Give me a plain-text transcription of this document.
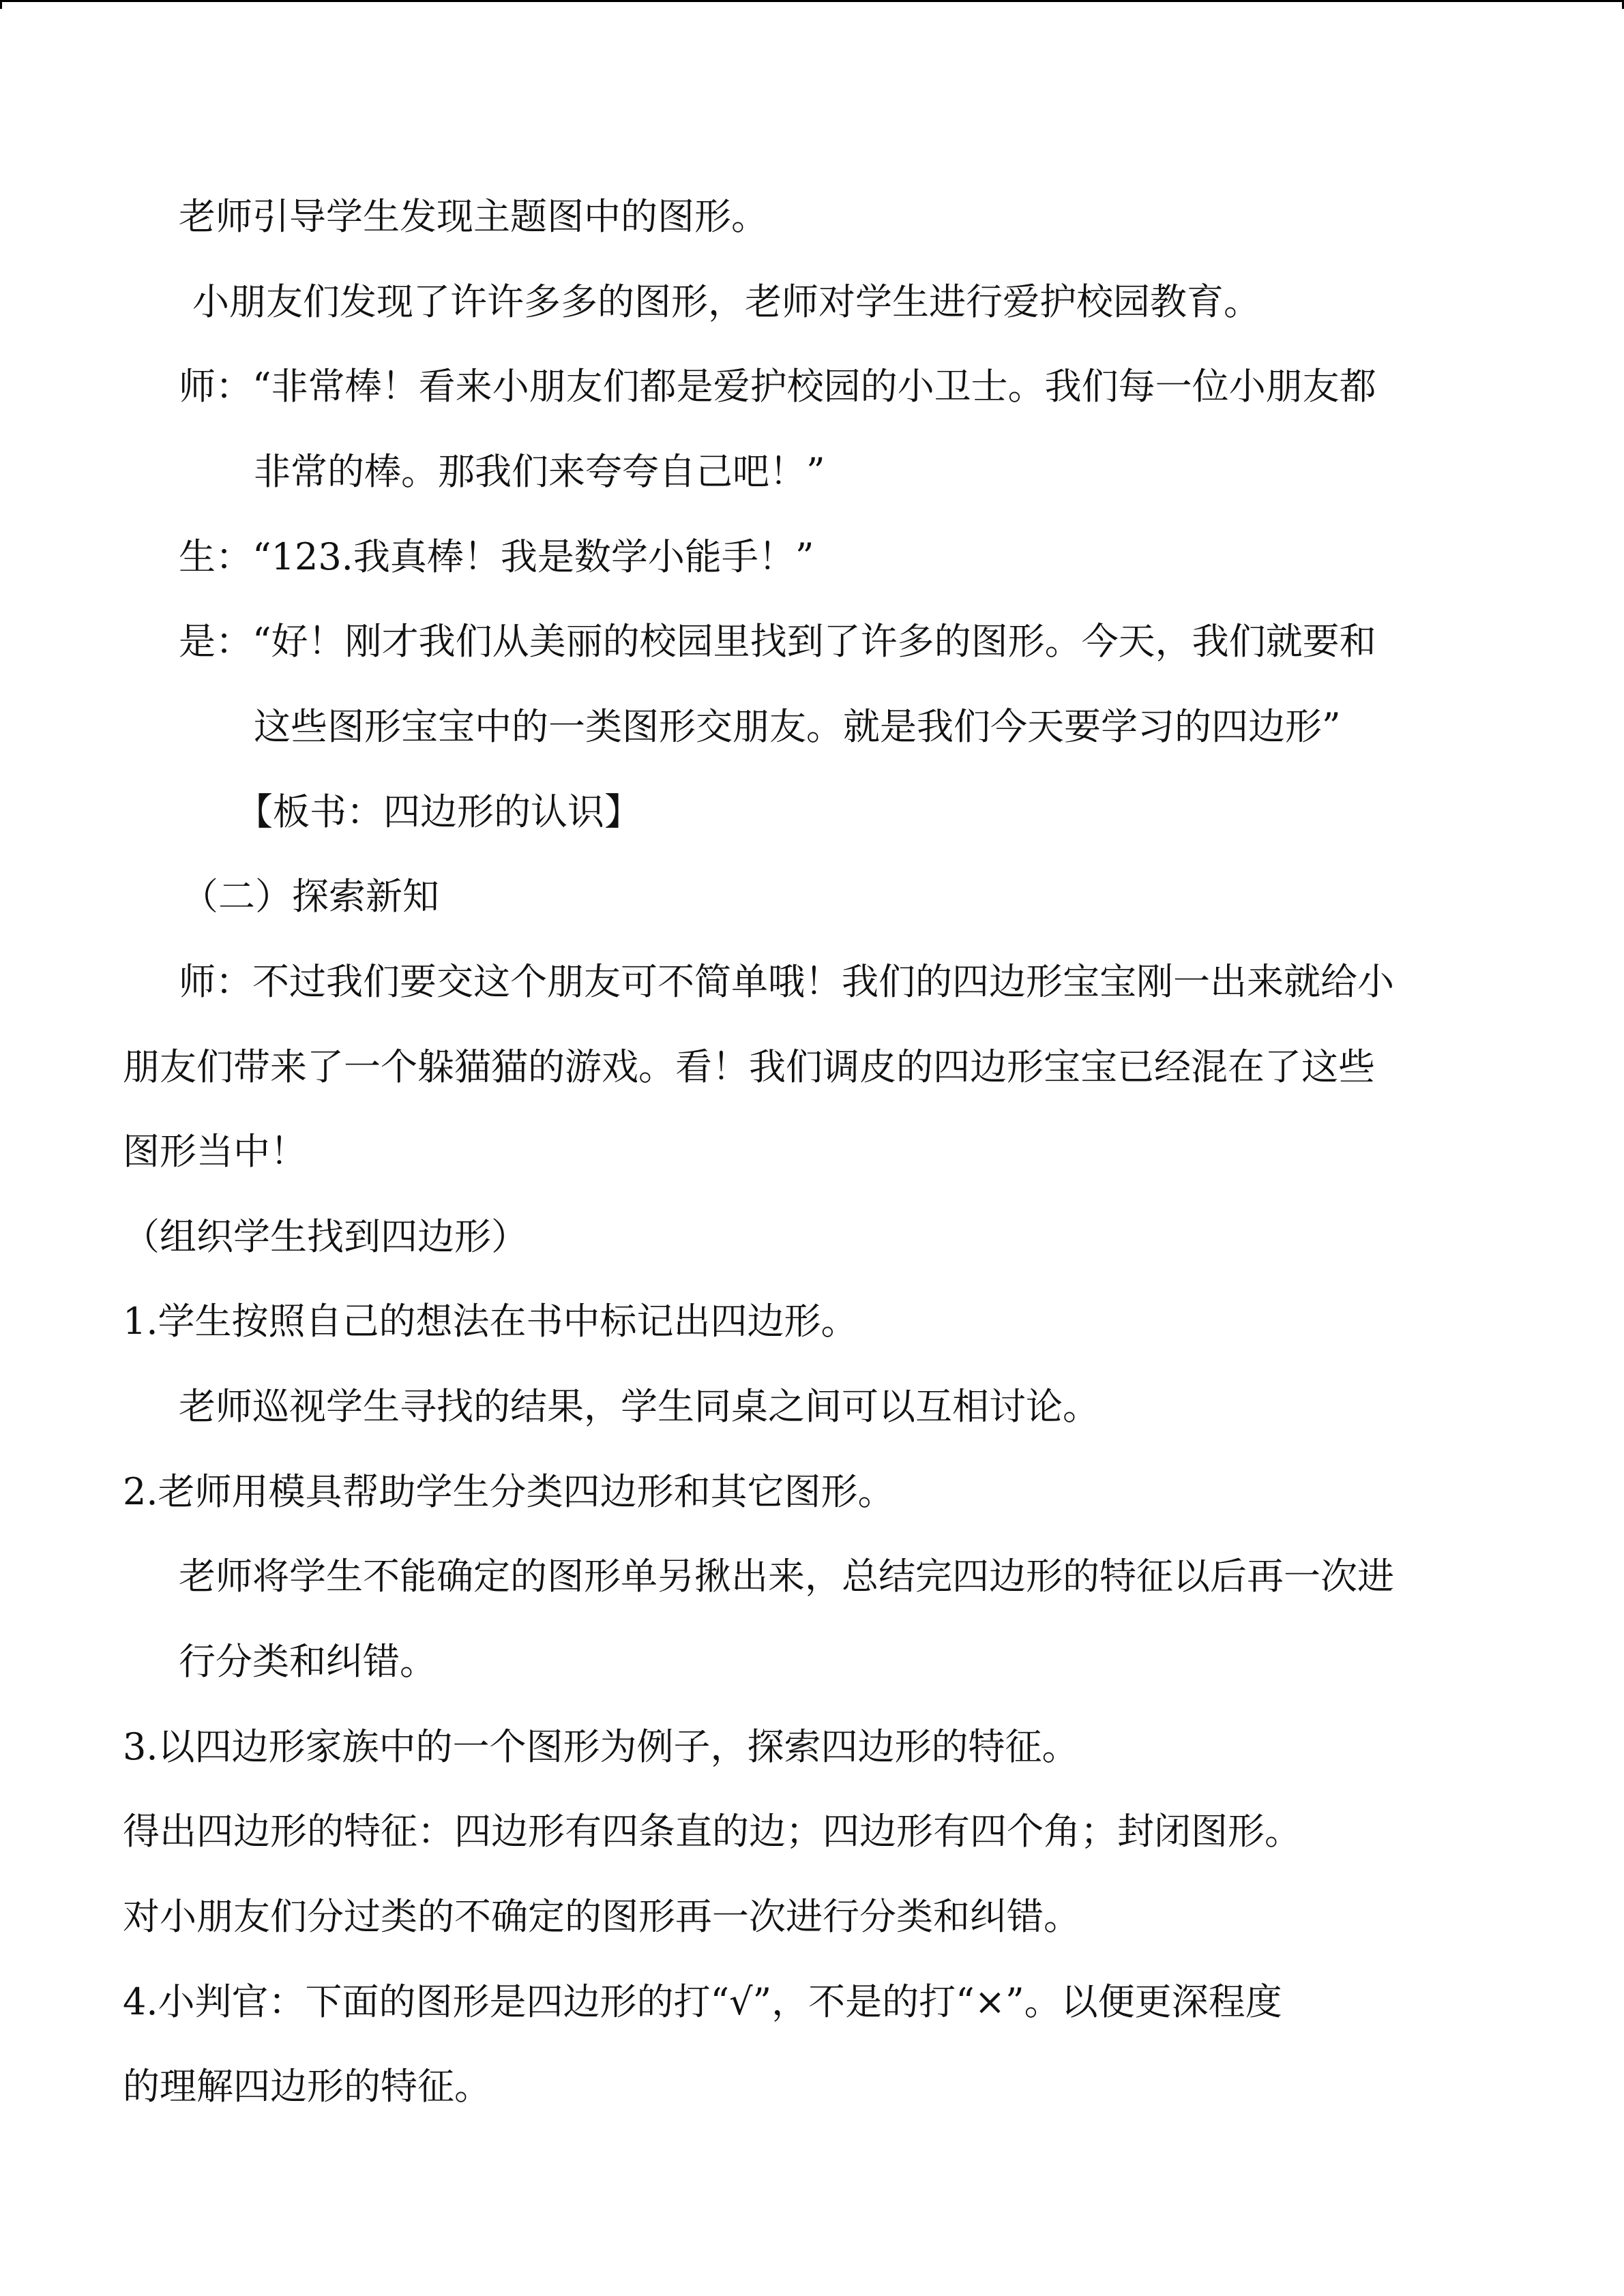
老师引导学生发现主题图中的图形。

小朋友们发现了许许多多的图形，老师对学生进行爱护校园教育。

师：“非常棒！看来小朋友们都是爱护校园的小卫士。我们每一位小朋友都

非常的棒。那我们来夸夸自己吧！”

生：“123.我真棒！我是数学小能手！”

是：“好！刚才我们从美丽的校园里找到了许多的图形。今天，我们就要和

这些图形宝宝中的一类图形交朋友。就是我们今天要学习的四边形”

【板书：四边形的认识】

（二）探索新知

师：不过我们要交这个朋友可不简单哦！我们的四边形宝宝刚一出来就给小

朋友们带来了一个躲猫猫的游戏。看！我们调皮的四边形宝宝已经混在了这些

图形当中！

（组织学生找到四边形）

1.学生按照自己的想法在书中标记出四边形。

老师巡视学生寻找的结果，学生同桌之间可以互相讨论。

2.老师用模具帮助学生分类四边形和其它图形。

老师将学生不能确定的图形单另揪出来，总结完四边形的特征以后再一次进

行分类和纠错。

3.以四边形家族中的一个图形为例子，探索四边形的特征。

得出四边形的特征：四边形有四条直的边；四边形有四个角；封闭图形。

对小朋友们分过类的不确定的图形再一次进行分类和纠错。

4.小判官：下面的图形是四边形的打“√”，不是的打“×”。以便更深程度

的理解四边形的特征。
